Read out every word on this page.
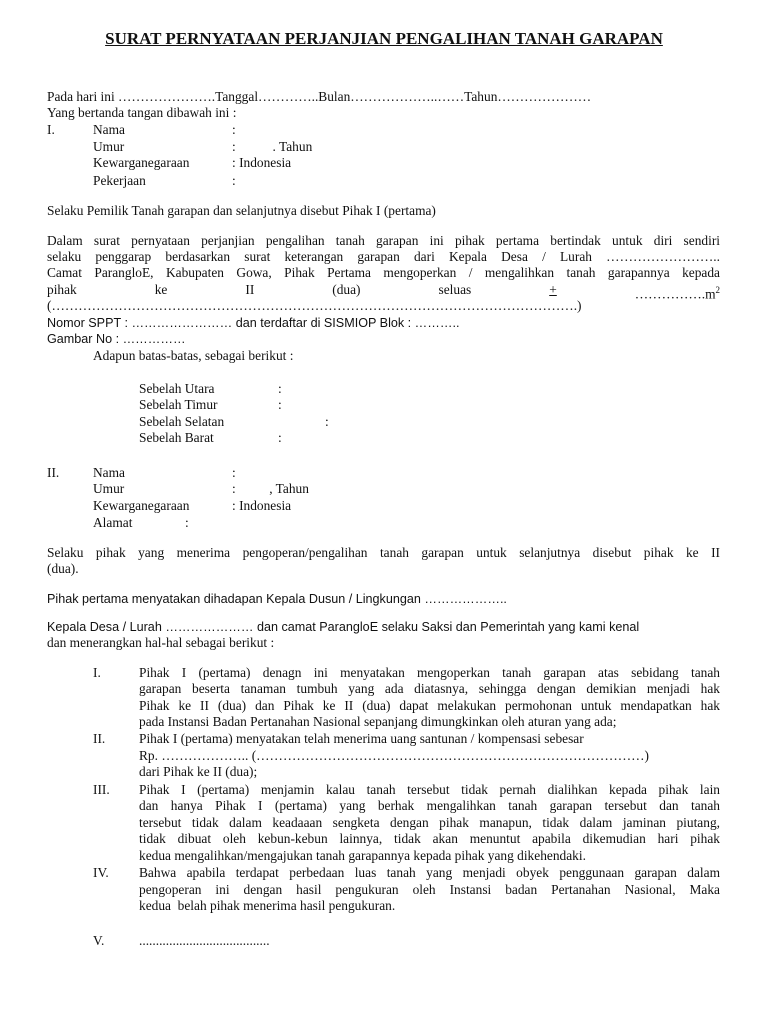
SURAT PERNYATAAN PERJANJIAN PENGALIHAN TANAH GARAPAN
Pada hari ini ………………….Tanggal…………..Bulan………………..……Tahun…………………
Yang bertanda tangan dibawah ini :
I.	Nama	:
Umur	:           . Tahun
Kewarganegaraan	: Indonesia
Pekerjaan	:
Selaku Pemilik Tanah garapan dan selanjutnya disebut Pihak I (pertama)
Dalam surat pernyataan perjanjian pengalihan tanah garapan ini pihak pertama bertindak untuk diri sendiri
selaku penggarap berdasarkan surat keterangan garapan dari Kepala Desa / Lurah ……………………..
Camat ParangloE, Kabupaten Gowa, Pihak Pertama mengoperkan / mengalihkan tanah garapannya kepada
pihak	ke	II	(dua)	seluas	+	$\dots\dots\dots\dots\dots.m^2$
(……………………………………………………………………………………………………….)
Nomor SPPT : …………………… dan terdaftar di SISMIOP Blok : ………..
Gambar No : ……………
Adapun batas-batas, sebagai berikut :
Sebelah Utara	:
Sebelah Timur	:
Sebelah Selatan	:
Sebelah Barat	:
II.	Nama	:
Umur	:          , Tahun
Kewarganegaraan	: Indonesia
Alamat	:
Selaku pihak yang menerima pengoperan/pengalihan tanah garapan untuk selanjutnya disebut pihak ke II
(dua).
Pihak pertama menyatakan dihadapan Kepala Dusun / Lingkungan ………………..
Kepala Desa / Lurah ………………… dan camat ParangloE selaku Saksi dan Pemerintah yang kami kenal
dan menerangkan hal-hal sebagai berikut :
I.	Pihak I (pertama) denagn ini menyatakan mengoperkan tanah garapan atas sebidang tanah
garapan beserta tanaman tumbuh yang ada diatasnya, sehingga dengan demikian menjadi hak
Pihak ke II (dua) dan Pihak ke II (dua) dapat melakukan permohonan untuk mendapatkan hak
pada Instansi Badan Pertanahan Nasional sepanjang dimungkinkan oleh aturan yang ada;
II.	Pihak I (pertama) menyatakan telah menerima uang santunan / kompensasi sebesar
Rp. ……………….. (……………………………………………………………………………)
dari Pihak ke II (dua);
III. Pihak I (pertama) menjamin kalau tanah tersebut tidak pernah dialihkan kepada pihak lain
dan hanya Pihak I (pertama) yang berhak mengalihkan tanah garapan tersebut dan tanah
tersebut tidak dalam keadaaan sengketa dengan pihak manapun, tidak dalam jaminan piutang,
tidak dibuat oleh kebun-kebun lainnya, tidak akan menuntut apabila dikemudian hari pihak
kedua mengalihkan/mengajukan tanah garapannya kepada pihak yang dikehendaki.
IV. Bahwa apabila terdapat perbedaan luas tanah yang menjadi obyek penggunaan garapan dalam
pengoperan ini dengan hasil pengukuran oleh Instansi badan Pertanahan Nasional, Maka
kedua  belah pihak menerima hasil pengukuran.
V.	.......................................
